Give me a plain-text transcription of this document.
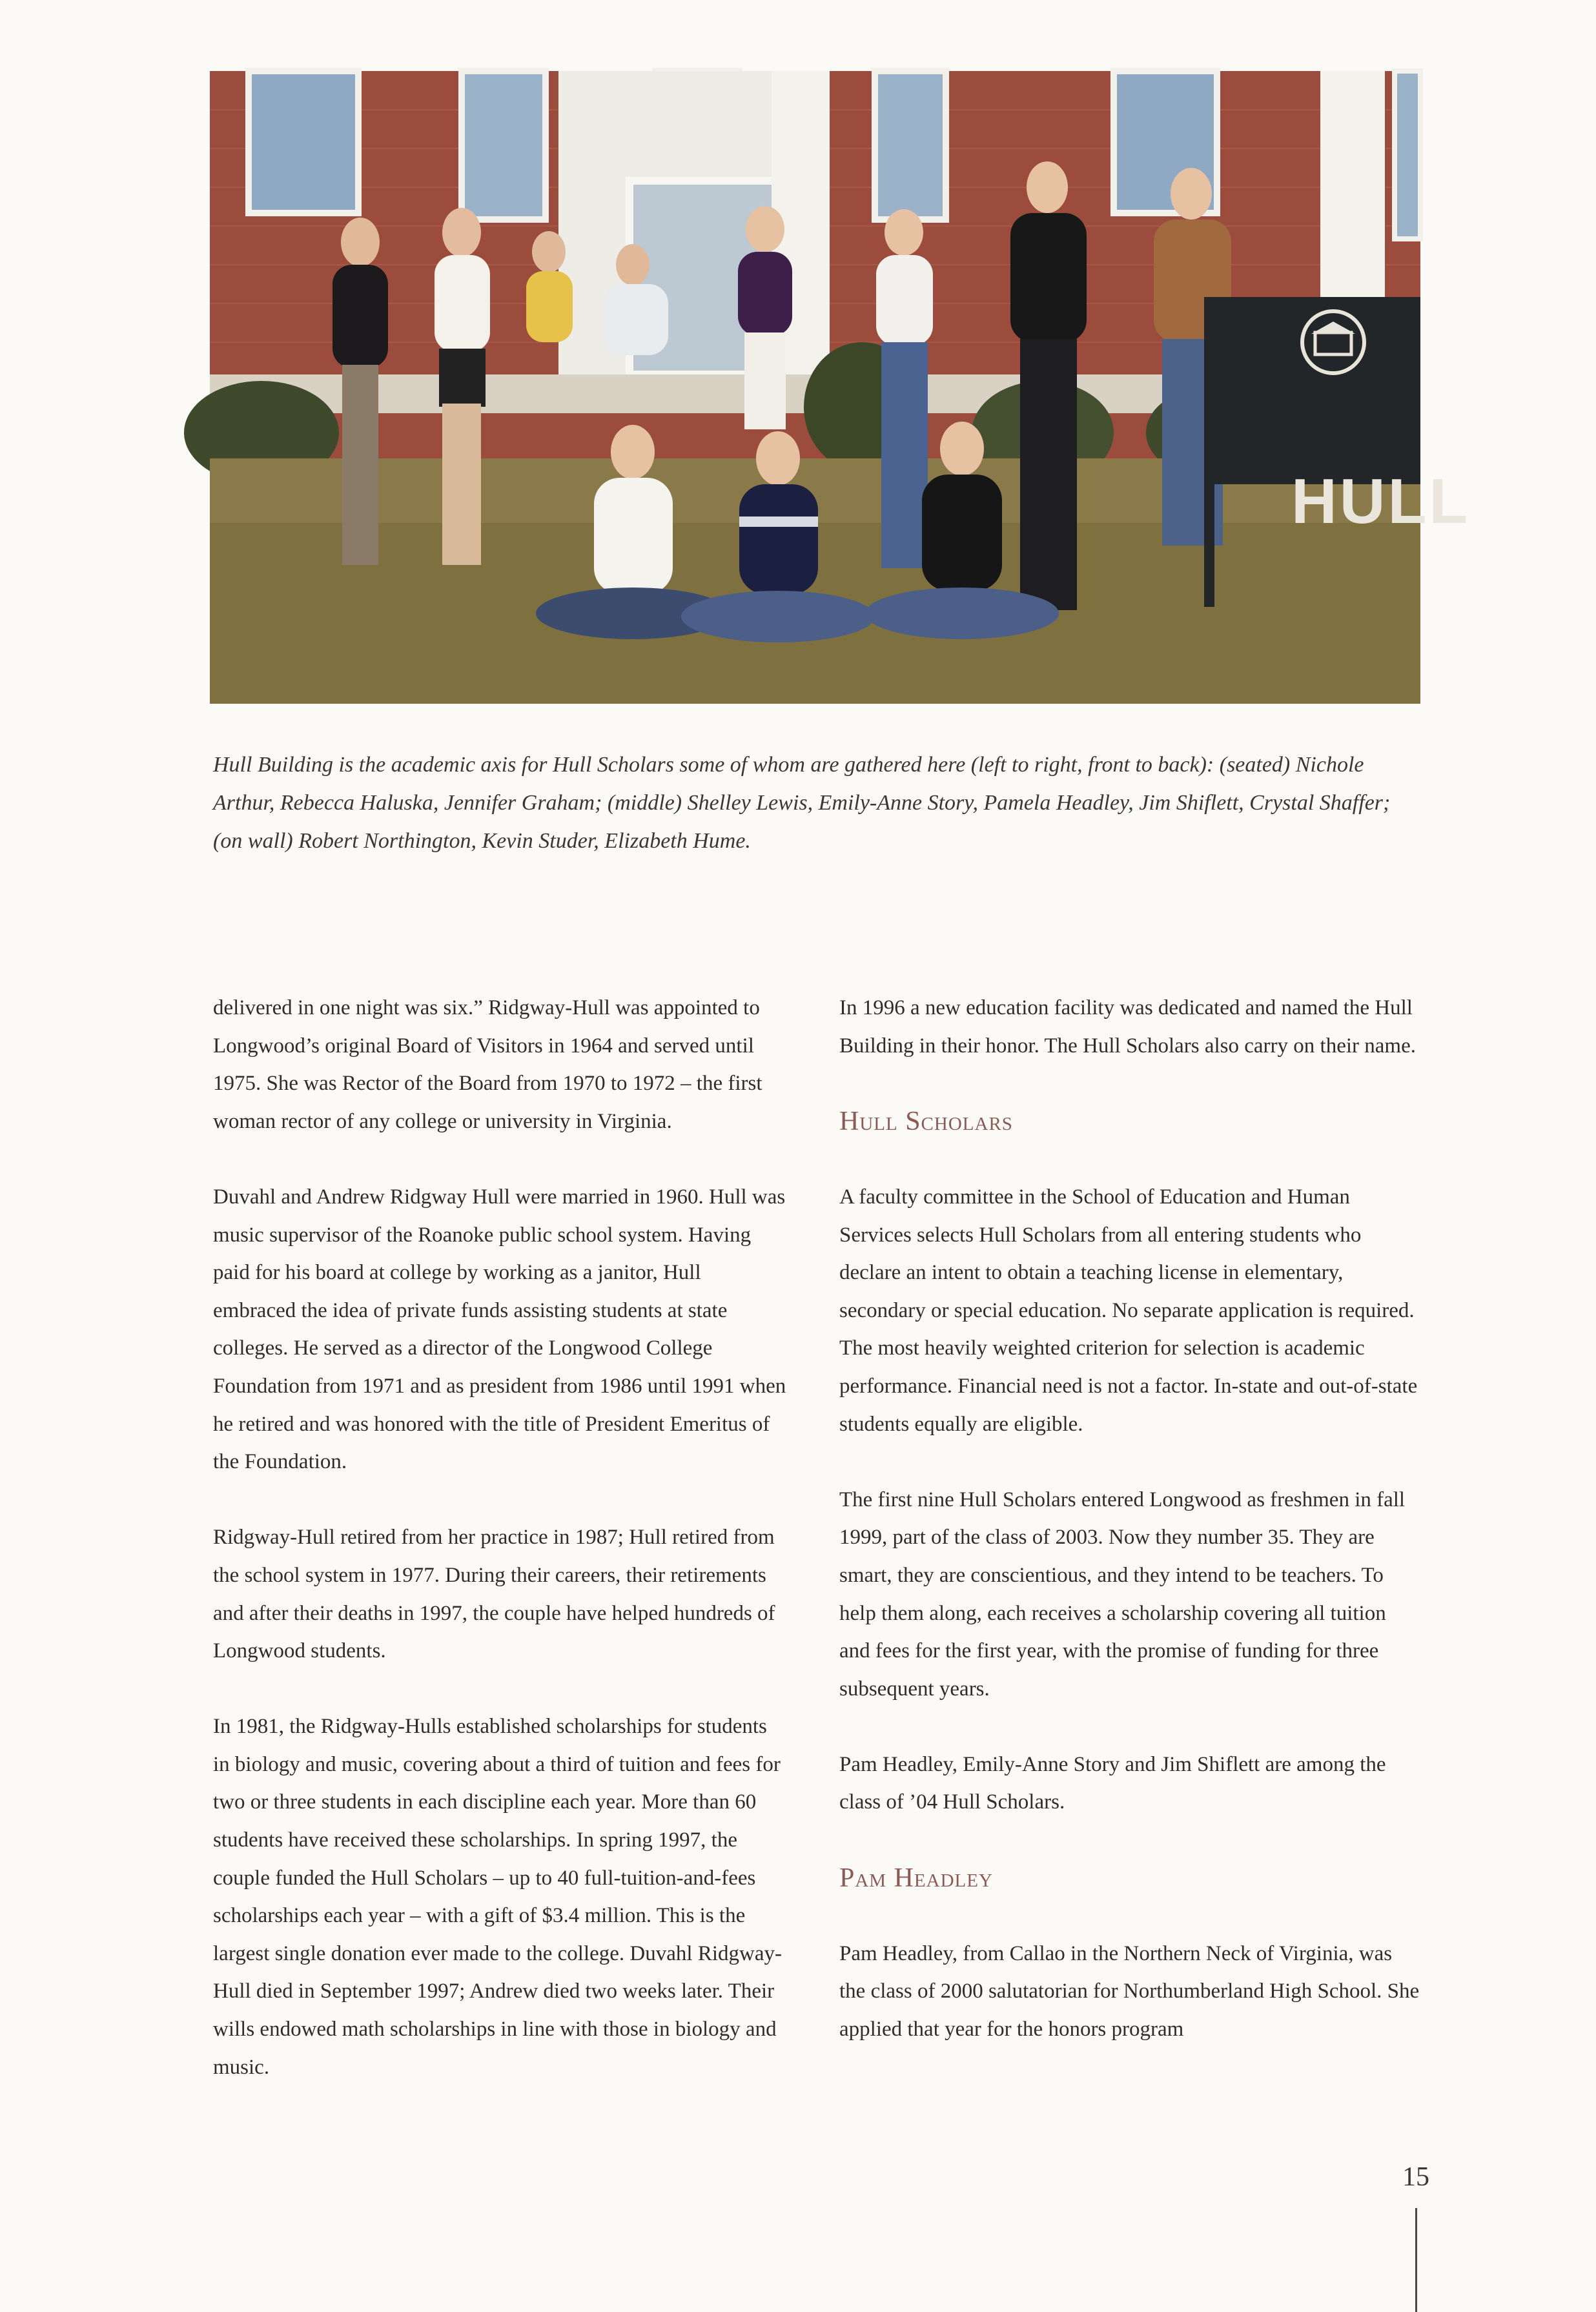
HULL
Hull Building is the academic axis for Hull Scholars some of whom are gathered here (left to right, front to back): (seated) Nichole Arthur, Rebecca Haluska, Jennifer Graham; (middle) Shelley Lewis, Emily-Anne Story, Pamela Headley, Jim Shiflett, Crystal Shaffer; (on wall) Robert Northington, Kevin Studer, Elizabeth Hume.

delivered in one night was six.” Ridgway-Hull was appointed to Longwood’s original Board of Visitors in 1964 and served until 1975. She was Rector of the Board from 1970 to 1972 – the first woman rector of any college or university in Virginia.

Duvahl and Andrew Ridgway Hull were married in 1960. Hull was music supervisor of the Roanoke public school system. Having paid for his board at college by working as a janitor, Hull embraced the idea of private funds assisting students at state colleges. He served as a director of the Longwood College Foundation from 1971 and as president from 1986 until 1991 when he retired and was honored with the title of President Emeritus of the Foundation.

Ridgway-Hull retired from her practice in 1987; Hull retired from the school system in 1977. During their careers, their retirements and after their deaths in 1997, the couple have helped hundreds of Longwood students.

In 1981, the Ridgway-Hulls established scholarships for students in biology and music, covering about a third of tuition and fees for two or three students in each discipline each year. More than 60 students have received these scholarships. In spring 1997, the couple funded the Hull Scholars – up to 40 full-tuition-and-fees scholarships each year – with a gift of $3.4 million. This is the largest single donation ever made to the college. Duvahl Ridgway-Hull died in September 1997; Andrew died two weeks later. Their wills endowed math scholarships in line with those in biology and music.

In 1996 a new education facility was dedicated and named the Hull Building in their honor. The Hull Scholars also carry on their name.

Hull Scholars

A faculty committee in the School of Education and Human Services selects Hull Scholars from all entering students who declare an intent to obtain a teaching license in elementary, secondary or special education. No separate application is required. The most heavily weighted criterion for selection is academic performance. Financial need is not a factor. In-state and out-of-state students equally are eligible.

The first nine Hull Scholars entered Longwood as freshmen in fall 1999, part of the class of 2003. Now they number 35. They are smart, they are conscientious, and they intend to be teachers. To help them along, each receives a scholarship covering all tuition and fees for the first year, with the promise of funding for three subsequent years.

Pam Headley, Emily-Anne Story and Jim Shiflett are among the class of ’04 Hull Scholars.

Pam Headley

Pam Headley, from Callao in the Northern Neck of Virginia, was the class of 2000 salutatorian for Northumberland High School. She applied that year for the honors program

15
